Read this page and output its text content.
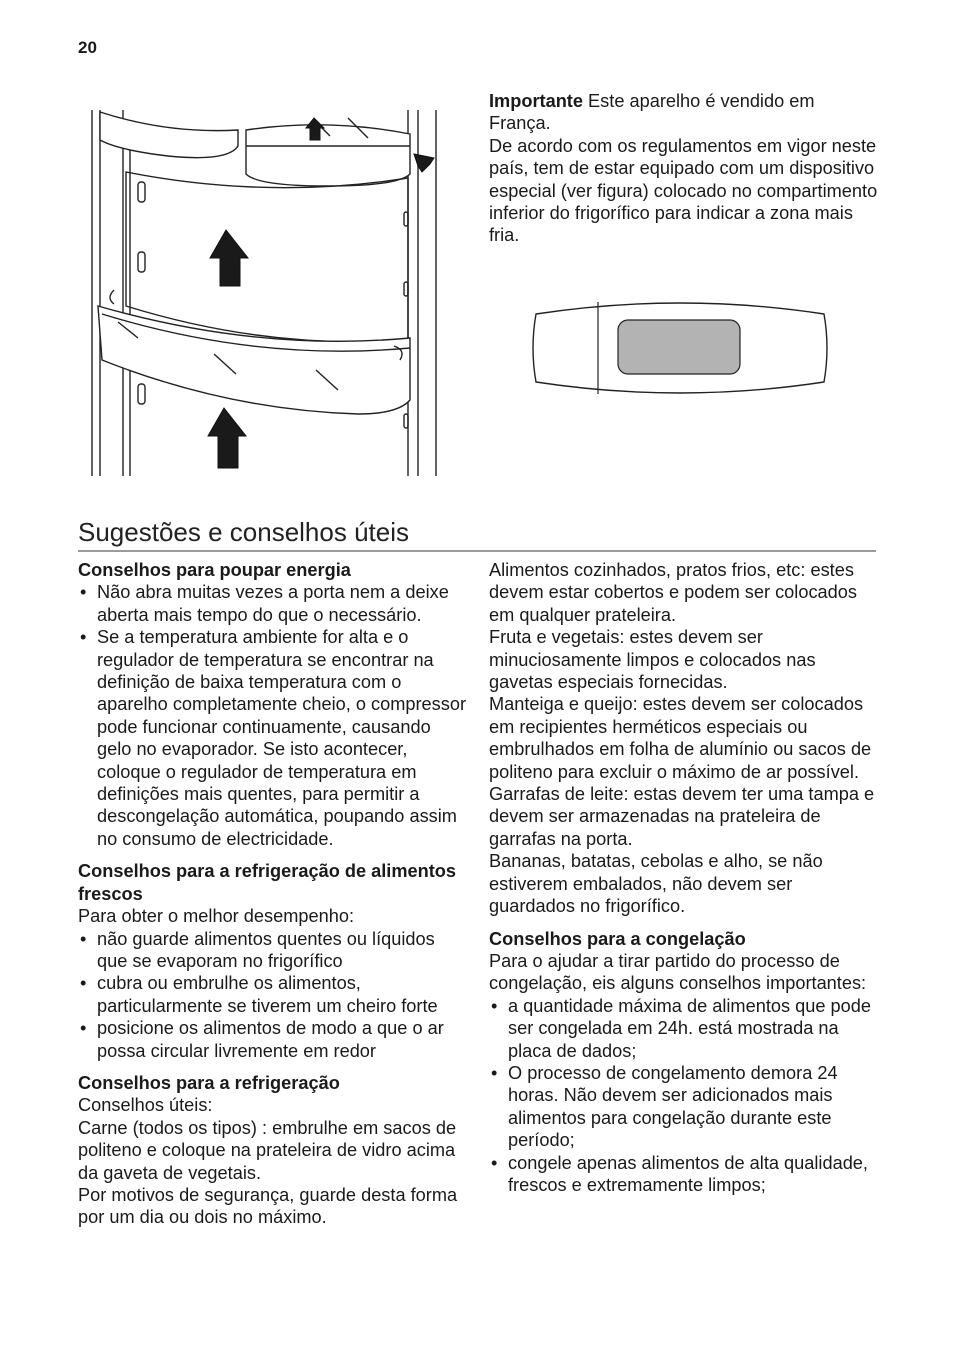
20

Importante Este aparelho é vendido em França.

De acordo com os regulamentos em vigor neste país, tem de estar equipado com um dispositivo especial (ver figura) colocado no compartimento inferior do frigorífico para indicar a zona mais fria.

Sugestões e conselhos úteis
Conselhos para poupar energia
• Não abra muitas vezes a porta nem a deixe aberta mais tempo do que o necessário.
• Se a temperatura ambiente for alta e o regulador de temperatura se encontrar na definição de baixa temperatura com o aparelho completamente cheio, o compressor pode funcionar continuamente, causando gelo no evaporador. Se isto acontecer, coloque o regulador de temperatura em definições mais quentes, para permitir a descongelação automática, poupando assim no consumo de electricidade.
Conselhos para a refrigeração de alimentos frescos

Para obter o melhor desempenho:

• não guarde alimentos quentes ou líquidos que se evaporam no frigorífico
• cubra ou embrulhe os alimentos, particularmente se tiverem um cheiro forte
• posicione os alimentos de modo a que o ar possa circular livremente em redor
Conselhos para a refrigeração

Conselhos úteis:

Carne (todos os tipos) : embrulhe em sacos de politeno e coloque na prateleira de vidro acima da gaveta de vegetais.

Por motivos de segurança, guarde desta forma por um dia ou dois no máximo.

Alimentos cozinhados, pratos frios, etc: estes devem estar cobertos e podem ser colocados em qualquer prateleira.

Fruta e vegetais: estes devem ser minuciosamente limpos e colocados nas gavetas especiais fornecidas.

Manteiga e queijo: estes devem ser colocados em recipientes herméticos especiais ou embrulhados em folha de alumínio ou sacos de politeno para excluir o máximo de ar possível.

Garrafas de leite: estas devem ter uma tampa e devem ser armazenadas na prateleira de garrafas na porta.

Bananas, batatas, cebolas e alho, se não estiverem embalados, não devem ser guardados no frigorífico.

Conselhos para a congelação

Para o ajudar a tirar partido do processo de congelação, eis alguns conselhos importantes:

• a quantidade máxima de alimentos que pode ser congelada em 24h. está mostrada na placa de dados;
• O processo de congelamento demora 24 horas. Não devem ser adicionados mais alimentos para congelação durante este período;
• congele apenas alimentos de alta qualidade, frescos e extremamente limpos;
